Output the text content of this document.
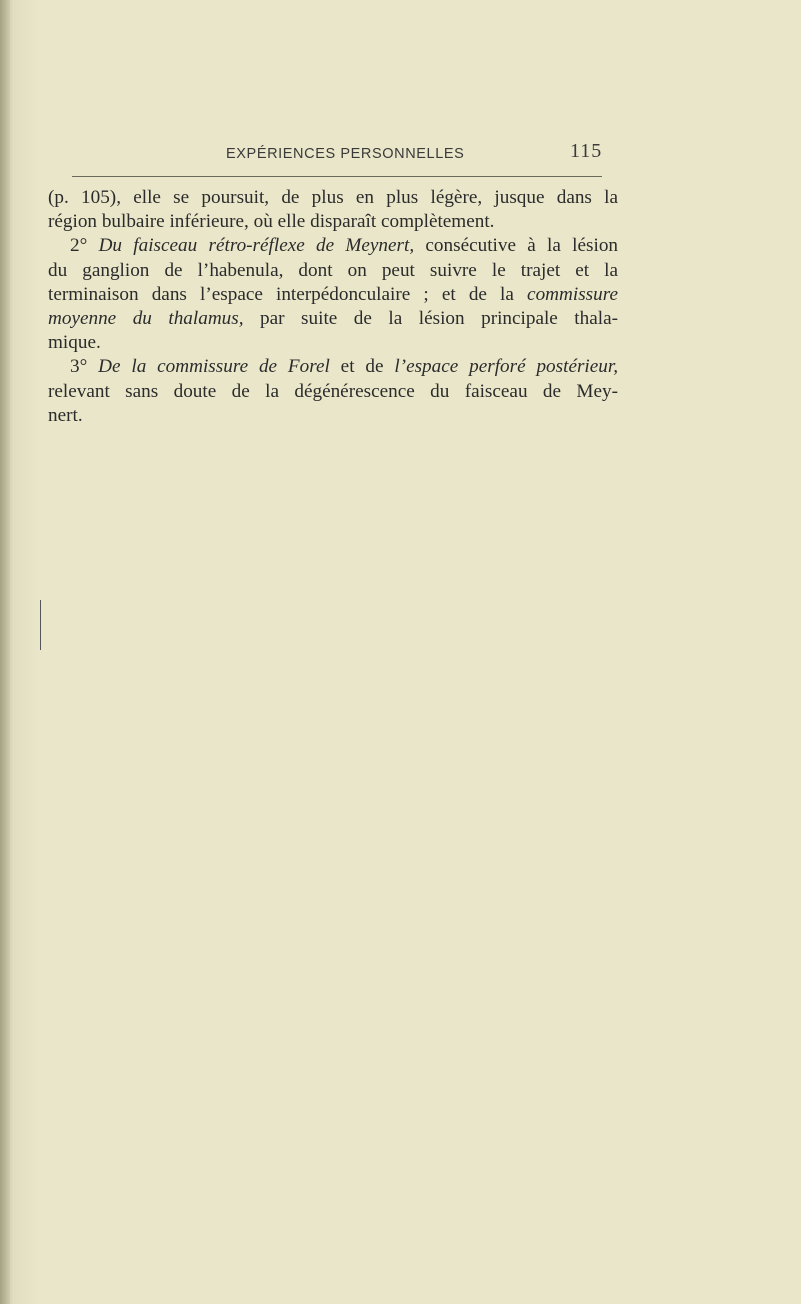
EXPÉRIENCES PERSONNELLES	115
(p. 105), elle se poursuit, de plus en plus légère, jusque dans la
région bulbaire inférieure, où elle disparaît complètement.
2° Du faisceau rétro-réflexe de Meynert, consécutive à la lésion
du ganglion de l’habenula, dont on peut suivre le trajet et la
terminaison dans l’espace interpédonculaire ; et de la commissure
moyenne du thalamus, par suite de la lésion principale thala-
mique.
3° De la commissure de Forel et de l’espace perforé postérieur,
relevant sans doute de la dégénérescence du faisceau de Mey-
nert.
